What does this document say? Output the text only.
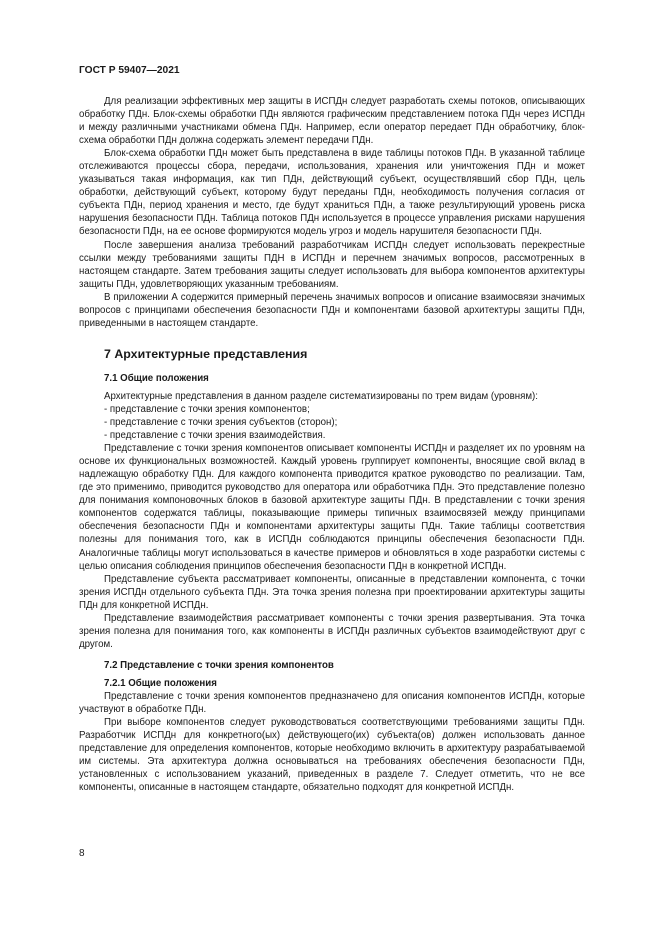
ГОСТ Р 59407—2021

Для реализации эффективных мер защиты в ИСПДн следует разработать схемы потоков, описывающих обработку ПДн. Блок-схемы обработки ПДн являются графическим представлением потока ПДн через ИСПДн и между различными участниками обмена ПДн. Например, если оператор передает ПДн обработчику, блок-схема обработки ПДн должна содержать элемент передачи ПДн.

Блок-схема обработки ПДн может быть представлена в виде таблицы потоков ПДн. В указанной таблице отслеживаются процессы сбора, передачи, использования, хранения или уничтожения ПДн и может указываться такая информация, как тип ПДн, действующий субъект, осуществлявший сбор ПДн, цель обработки, действующий субъект, которому будут переданы ПДн, необходимость получения согласия от субъекта ПДн, период хранения и место, где будут храниться ПДн, а также результирующий уровень риска нарушения безопасности ПДн. Таблица потоков ПДн используется в процессе управления рисками нарушения безопасности ПДн, на ее основе формируются модель угроз и модель нарушителя безопасности ПДн.

После завершения анализа требований разработчикам ИСПДн следует использовать перекрестные ссылки между требованиями защиты ПДН в ИСПДн и перечнем значимых вопросов, рассмотренных в настоящем стандарте. Затем требования защиты следует использовать для выбора компонентов архитектуры защиты ПДн, удовлетворяющих указанным требованиям.

В приложении А содержится примерный перечень значимых вопросов и описание взаимосвязи значимых вопросов с принципами обеспечения безопасности ПДн и компонентами базовой архитектуры защиты ПДн, приведенными в настоящем стандарте.

7 Архитектурные представления
7.1 Общие положения

Архитектурные представления в данном разделе систематизированы по трем видам (уровням):

- представление с точки зрения компонентов;
- представление с точки зрения субъектов (сторон);
- представление с точки зрения взаимодействия.

Представление с точки зрения компонентов описывает компоненты ИСПДн и разделяет их по уровням на основе их функциональных возможностей. Каждый уровень группирует компоненты, вносящие свой вклад в надлежащую обработку ПДн. Для каждого компонента приводится краткое руководство по реализации. Там, где это применимо, приводится руководство для оператора или обработчика ПДн. Это представление полезно для понимания компоновочных блоков в базовой архитектуре защиты ПДн. В представлении с точки зрения компонентов содержатся таблицы, показывающие примеры типичных взаимосвязей между принципами обеспечения безопасности ПДн и компонентами архитектуры защиты ПДн. Такие таблицы соответствия полезны для понимания того, как в ИСПДн соблюдаются принципы обеспечения безопасности ПДн. Аналогичные таблицы могут использоваться в качестве примеров и обновляться в ходе разработки системы с целью описания соблюдения принципов обеспечения безопасности ПДн в конкретной ИСПДн.

Представление субъекта рассматривает компоненты, описанные в представлении компонента, с точки зрения ИСПДн отдельного субъекта ПДн. Эта точка зрения полезна при проектировании архитектуры защиты ПДн для конкретной ИСПДн.

Представление взаимодействия рассматривает компоненты с точки зрения развертывания. Эта точка зрения полезна для понимания того, как компоненты в ИСПДн различных субъектов взаимодействуют друг с другом.

7.2 Представление с точки зрения компонентов
7.2.1 Общие положения

Представление с точки зрения компонентов предназначено для описания компонентов ИСПДн, которые участвуют в обработке ПДн.

При выборе компонентов следует руководствоваться соответствующими требованиями защиты ПДн. Разработчик ИСПДн для конкретного(ых) действующего(их) субъекта(ов) должен использовать данное представление для определения компонентов, которые необходимо включить в архитектуру разрабатываемой им системы. Эта архитектура должна основываться на требованиях обеспечения безопасности ПДн, установленных с использованием указаний, приведенных в разделе 7. Следует отметить, что не все компоненты, описанные в настоящем стандарте, обязательно подходят для конкретной ИСПДн.

8
